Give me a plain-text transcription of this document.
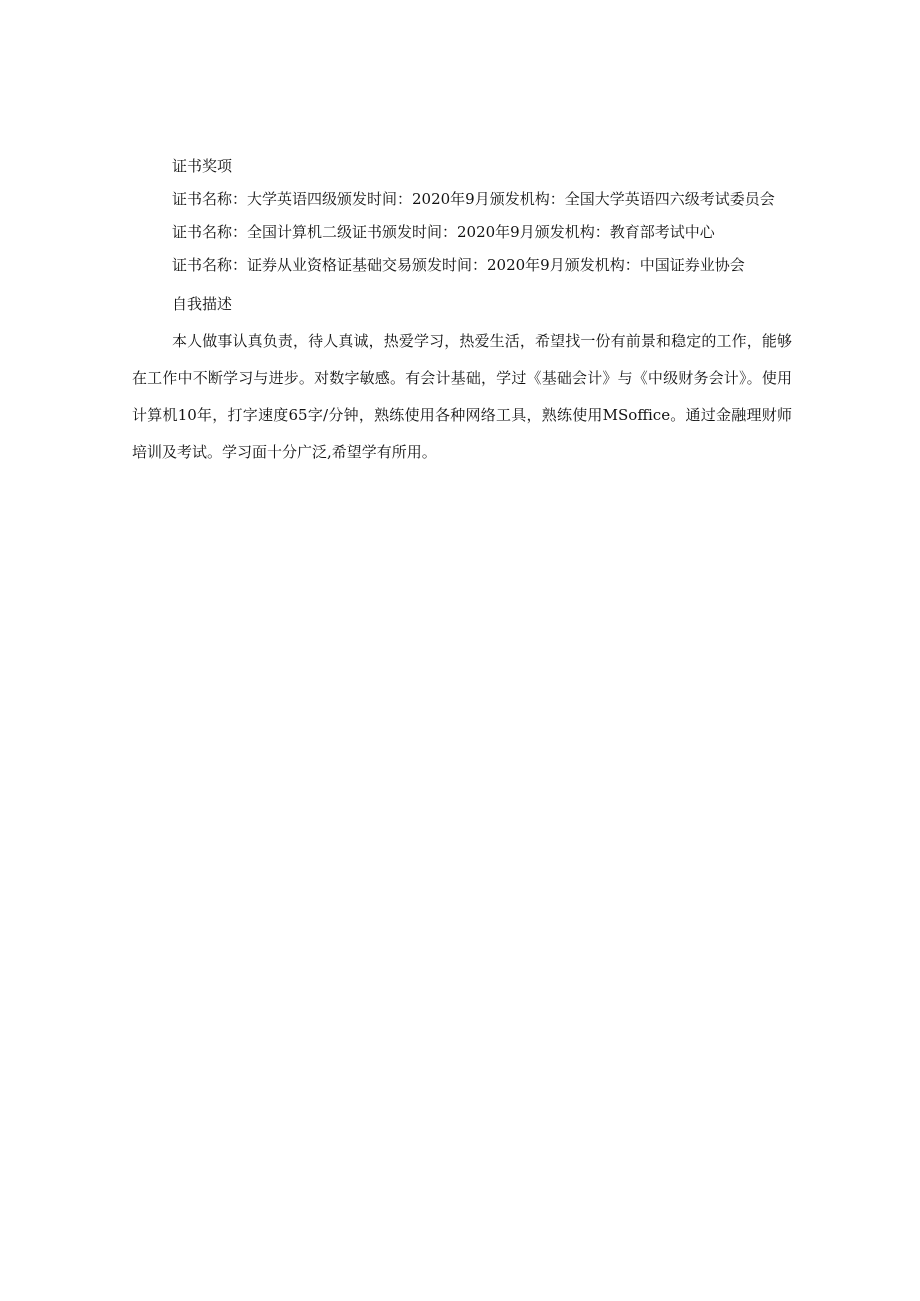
证书奖项

证书名称：大学英语四级颁发时间：2020年9月颁发机构：全国大学英语四六级考试委员会

证书名称：全国计算机二级证书颁发时间：2020年9月颁发机构：教育部考试中心

证书名称：证券从业资格证基础交易颁发时间：2020年9月颁发机构：中国证券业协会

自我描述

本人做事认真负责，待人真诚，热爱学习，热爱生活，希望找一份有前景和稳定的工作，能够在工作中不断学习与进步。对数字敏感。有会计基础，学过《基础会计》与《中级财务会计》。使用计算机10年，打字速度65字/分钟，熟练使用各种网络工具，熟练使用MSoffice。通过金融理财师培训及考试。学习面十分广泛,希望学有所用。
